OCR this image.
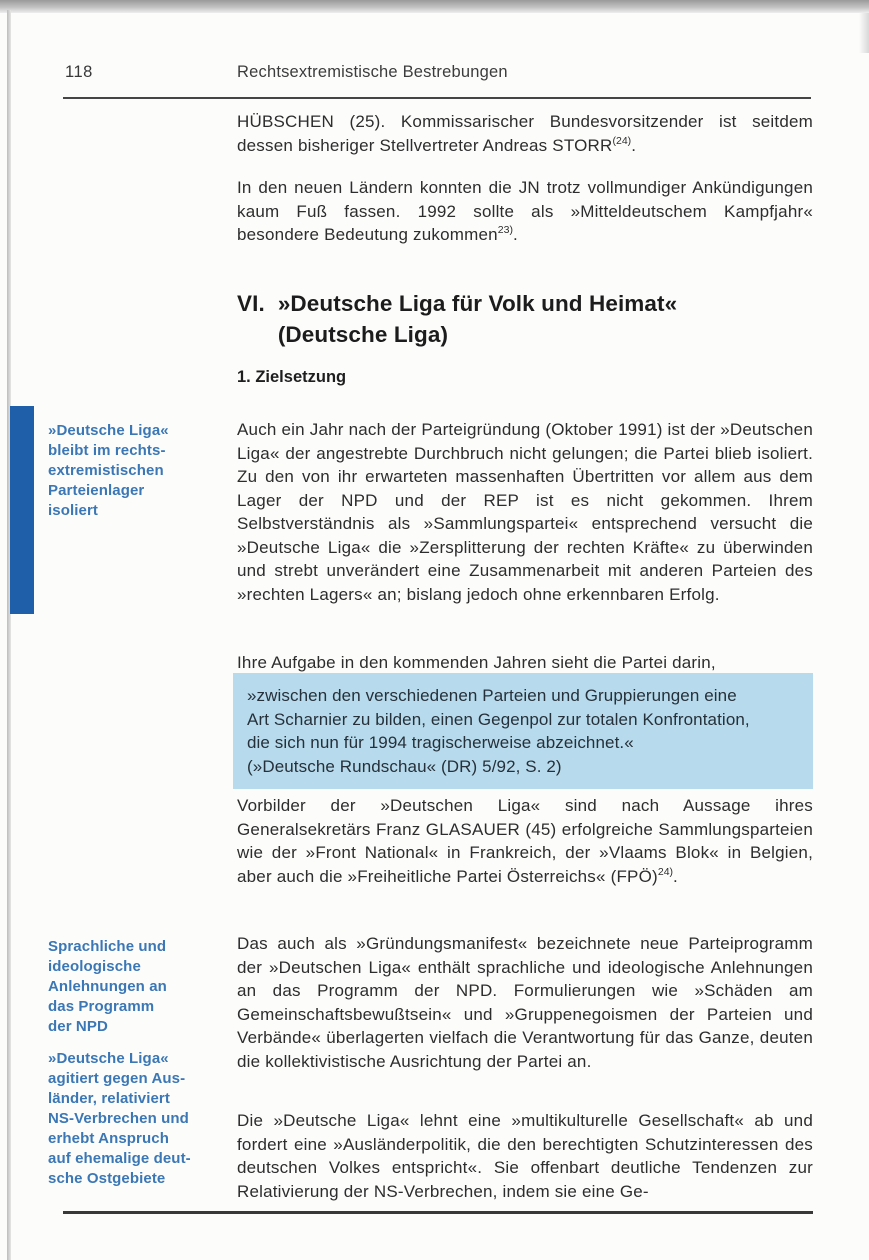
118	Rechtsextremistische Bestrebungen

HÜBSCHEN (25). Kommissarischer Bundesvorsitzender ist seitdem dessen bisheriger Stellvertreter Andreas STORR$^{(24)}$.

In den neuen Ländern konnten die JN trotz vollmundiger Ankündigungen kaum Fuß fassen. 1992 sollte als »Mitteldeutschem Kampfjahr« besondere Bedeutung zukommen$^{23)}$.

VI. »Deutsche Liga für Volk und Heimat«
(Deutsche Liga)
1. Zielsetzung
»Deutsche Liga«
bleibt im rechts-
extremistischen
Parteienlager
isoliert

Auch ein Jahr nach der Parteigründung (Oktober 1991) ist der »Deutschen Liga« der angestrebte Durchbruch nicht gelungen; die Partei blieb isoliert. Zu den von ihr erwarteten massenhaften Übertritten vor allem aus dem Lager der NPD und der REP ist es nicht gekommen. Ihrem Selbstverständnis als »Sammlungspartei« entsprechend versucht die »Deutsche Liga« die »Zersplitterung der rechten Kräfte« zu überwinden und strebt unverändert eine Zusammenarbeit mit anderen Parteien des »rechten Lagers« an; bislang jedoch ohne erkennbaren Erfolg.

Ihre Aufgabe in den kommenden Jahren sieht die Partei darin,

»zwischen den verschiedenen Parteien und Gruppierungen eine
Art Scharnier zu bilden, einen Gegenpol zur totalen Konfrontation,
die sich nun für 1994 tragischerweise abzeichnet.«
(»Deutsche Rundschau« (DR) 5/92, S. 2)

Vorbilder der »Deutschen Liga« sind nach Aussage ihres Generalsekretärs Franz GLASAUER (45) erfolgreiche Sammlungsparteien wie der »Front National« in Frankreich, der »Vlaams Blok« in Belgien, aber auch die »Freiheitliche Partei Österreichs« (FPÖ)$^{24)}$.

Sprachliche und
ideologische
Anlehnungen an
das Programm
der NPD

Das auch als »Gründungsmanifest« bezeichnete neue Parteiprogramm der »Deutschen Liga« enthält sprachliche und ideologische Anlehnungen an das Programm der NPD. Formulierungen wie »Schäden am Gemeinschaftsbewußtsein« und »Gruppenegoismen der Parteien und Verbände« überlagerten vielfach die Verantwortung für das Ganze, deuten die kollektivistische Ausrichtung der Partei an.

»Deutsche Liga«
agitiert gegen Aus-
länder, relativiert
NS-Verbrechen und
erhebt Anspruch
auf ehemalige deut-
sche Ostgebiete

Die »Deutsche Liga« lehnt eine »multikulturelle Gesellschaft« ab und fordert eine »Ausländerpolitik, die den berechtigten Schutzinteressen des deutschen Volkes entspricht«. Sie offenbart deutliche Tendenzen zur Relativierung der NS-Verbrechen, indem sie eine Ge-
